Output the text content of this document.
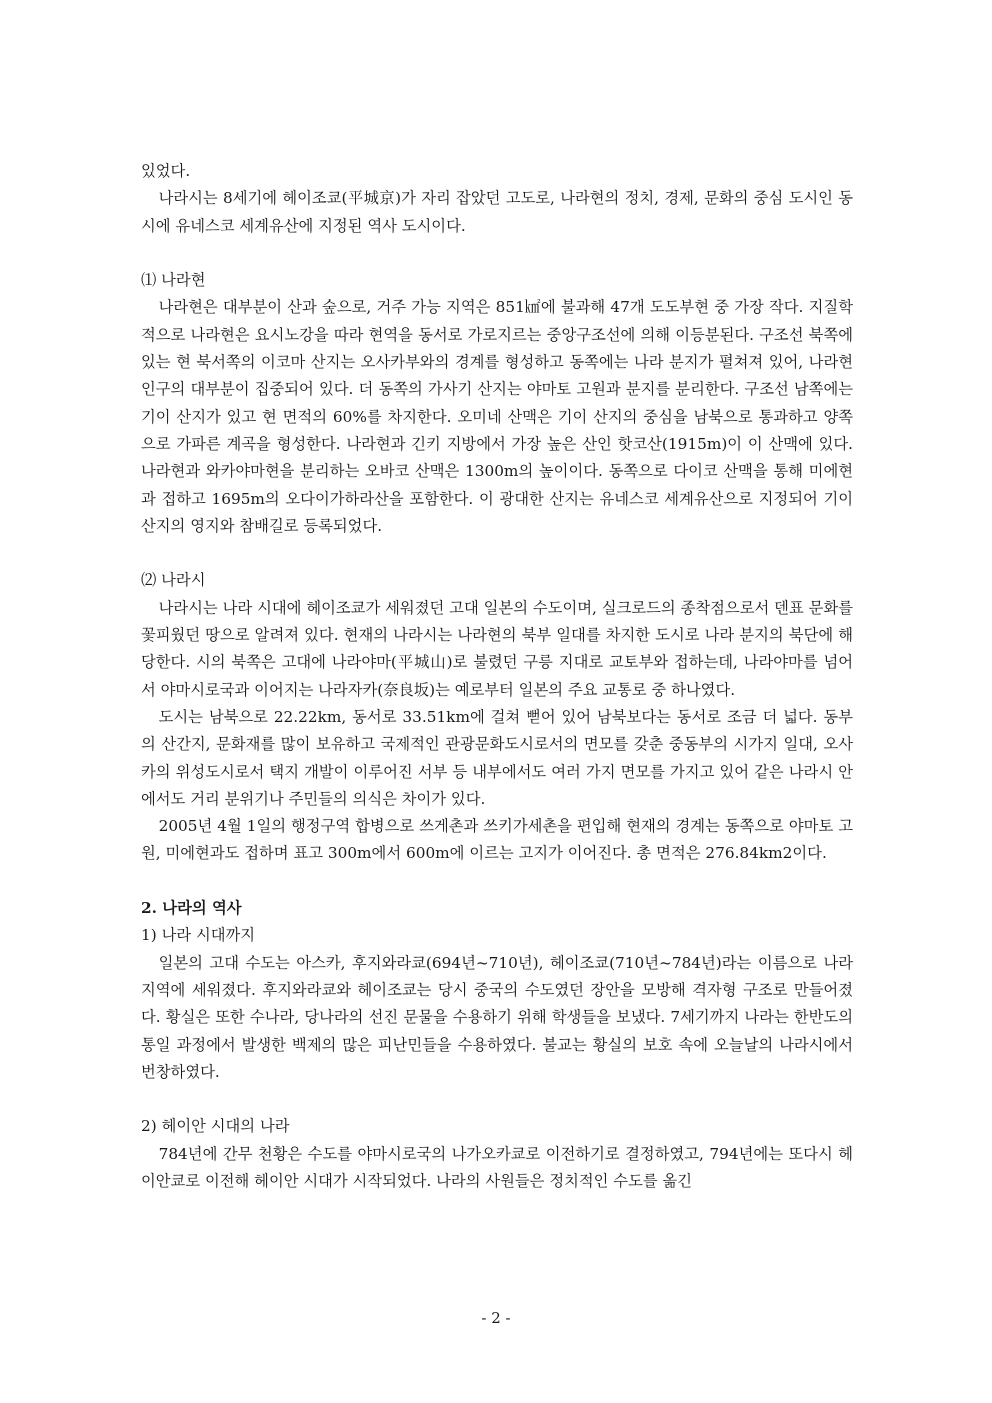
있었다.

나라시는 8세기에 헤이조쿄(平城京)가 자리 잡았던 고도로, 나라현의 정치, 경제, 문화의 중심 도시인 동시에 유네스코 세계유산에 지정된 역사 도시이다.

⑴ 나라현

나라현은 대부분이 산과 숲으로, 거주 가능 지역은 851㎢에 불과해 47개 도도부현 중 가장 작다. 지질학적으로 나라현은 요시노강을 따라 현역을 동서로 가로지르는 중앙구조선에 의해 이등분된다. 구조선 북쪽에 있는 현 북서쪽의 이코마 산지는 오사카부와의 경계를 형성하고 동쪽에는 나라 분지가 펼쳐져 있어, 나라현 인구의 대부분이 집중되어 있다. 더 동쪽의 가사기 산지는 야마토 고원과 분지를 분리한다. 구조선 남쪽에는 기이 산지가 있고 현 면적의 60%를 차지한다. 오미네 산맥은 기이 산지의 중심을 남북으로 통과하고 양쪽으로 가파른 계곡을 형성한다. 나라현과 긴키 지방에서 가장 높은 산인 핫코산(1915m)이 이 산맥에 있다. 나라현과 와카야마현을 분리하는 오바코 산맥은 1300m의 높이이다. 동쪽으로 다이코 산맥을 통해 미에현과 접하고 1695m의 오다이가하라산을 포함한다. 이 광대한 산지는 유네스코 세계유산으로 지정되어 기이 산지의 영지와 참배길로 등록되었다.

⑵ 나라시

나라시는 나라 시대에 헤이조쿄가 세워졌던 고대 일본의 수도이며, 실크로드의 종착점으로서 덴표 문화를 꽃피웠던 땅으로 알려져 있다. 현재의 나라시는 나라현의 북부 일대를 차지한 도시로 나라 분지의 북단에 해당한다. 시의 북쪽은 고대에 나라야마(平城山)로 불렸던 구릉 지대로 교토부와 접하는데, 나라야마를 넘어서 야마시로국과 이어지는 나라자카(奈良坂)는 예로부터 일본의 주요 교통로 중 하나였다.

도시는 남북으로 22.22km, 동서로 33.51km에 걸쳐 뻗어 있어 남북보다는 동서로 조금 더 넓다. 동부의 산간지, 문화재를 많이 보유하고 국제적인 관광문화도시로서의 면모를 갖춘 중동부의 시가지 일대, 오사카의 위성도시로서 택지 개발이 이루어진 서부 등 내부에서도 여러 가지 면모를 가지고 있어 같은 나라시 안에서도 거리 분위기나 주민들의 의식은 차이가 있다.

2005년 4월 1일의 행정구역 합병으로 쓰게촌과 쓰키가세촌을 편입해 현재의 경계는 동쪽으로 야마토 고원, 미에현과도 접하며 표고 300m에서 600m에 이르는 고지가 이어진다. 총 면적은 276.84km2이다.

2. 나라의 역사

1) 나라 시대까지

일본의 고대 수도는 아스카, 후지와라쿄(694년~710년), 헤이조쿄(710년~784년)라는 이름으로 나라 지역에 세워졌다. 후지와라쿄와 헤이조쿄는 당시 중국의 수도였던 장안을 모방해 격자형 구조로 만들어졌다. 황실은 또한 수나라, 당나라의 선진 문물을 수용하기 위해 학생들을 보냈다. 7세기까지 나라는 한반도의 통일 과정에서 발생한 백제의 많은 피난민들을 수용하였다. 불교는 황실의 보호 속에 오늘날의 나라시에서 번창하였다.

2) 헤이안 시대의 나라

784년에 간무 천황은 수도를 야마시로국의 나가오카쿄로 이전하기로 결정하였고, 794년에는 또다시 헤이안쿄로 이전해 헤이안 시대가 시작되었다. 나라의 사원들은 정치적인 수도를 옮긴

- 2 -
